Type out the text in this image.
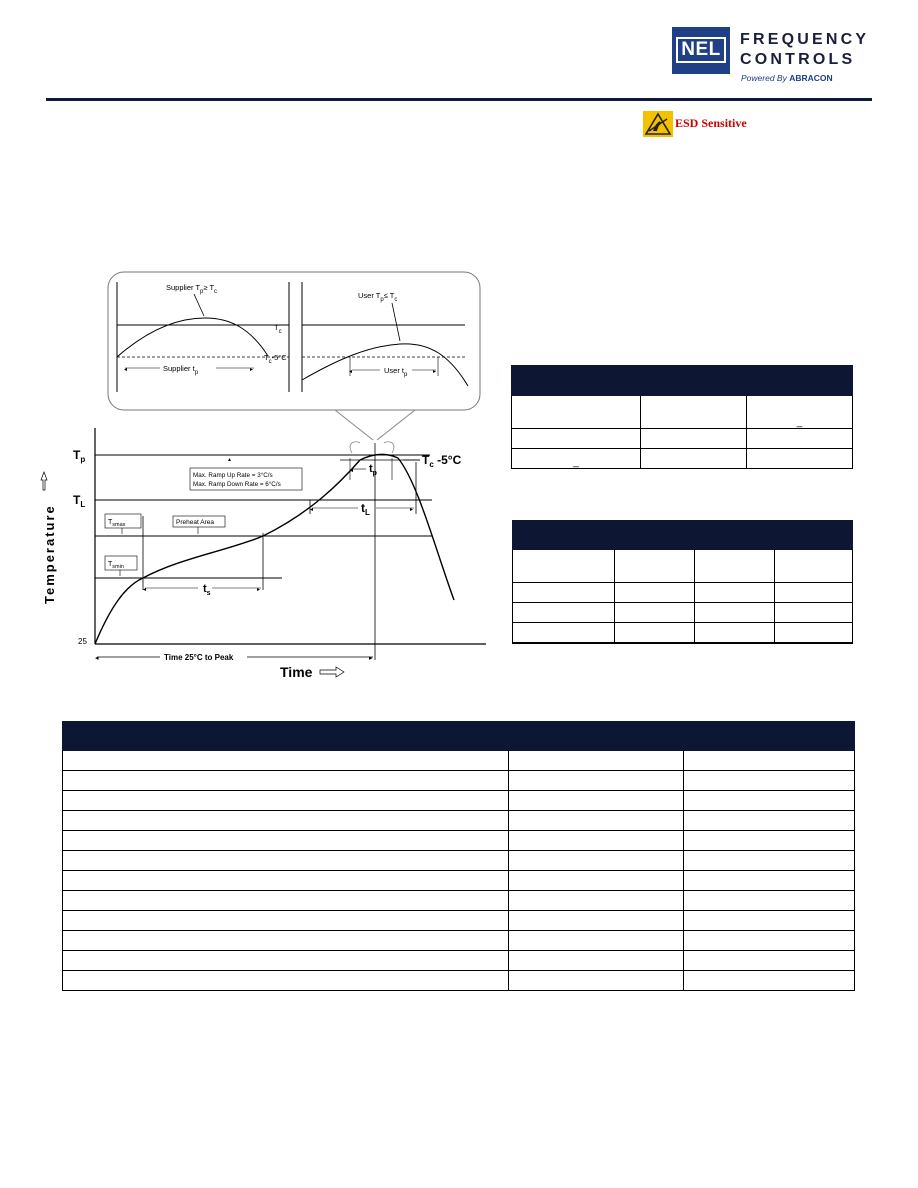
NEL	FREQUENCY
CONTROLS
Powered By ABRACON
ESD Sensitive
Supplier $T_p\ge T_c$
◂	▸
Supplier $t_p$
$T_c$
$T_c-5^\circ C$
User $T_p\le T_c$
◂	▸
User $t_p$
$T_p$
$T_L$
$T_{smax}$
$T_{smin}$
Preheat Area
Max. Ramp Up Rate = 3°C/s
Max. Ramp Down Rate = 6°C/s
▴	$T_c$ -5°C
$t_p$
◂
$t_L$
◂	▸
◂	▸
$t_s$
25
◂	▸
Time 25°C to Peak
Time
Temperature

		_

_		
